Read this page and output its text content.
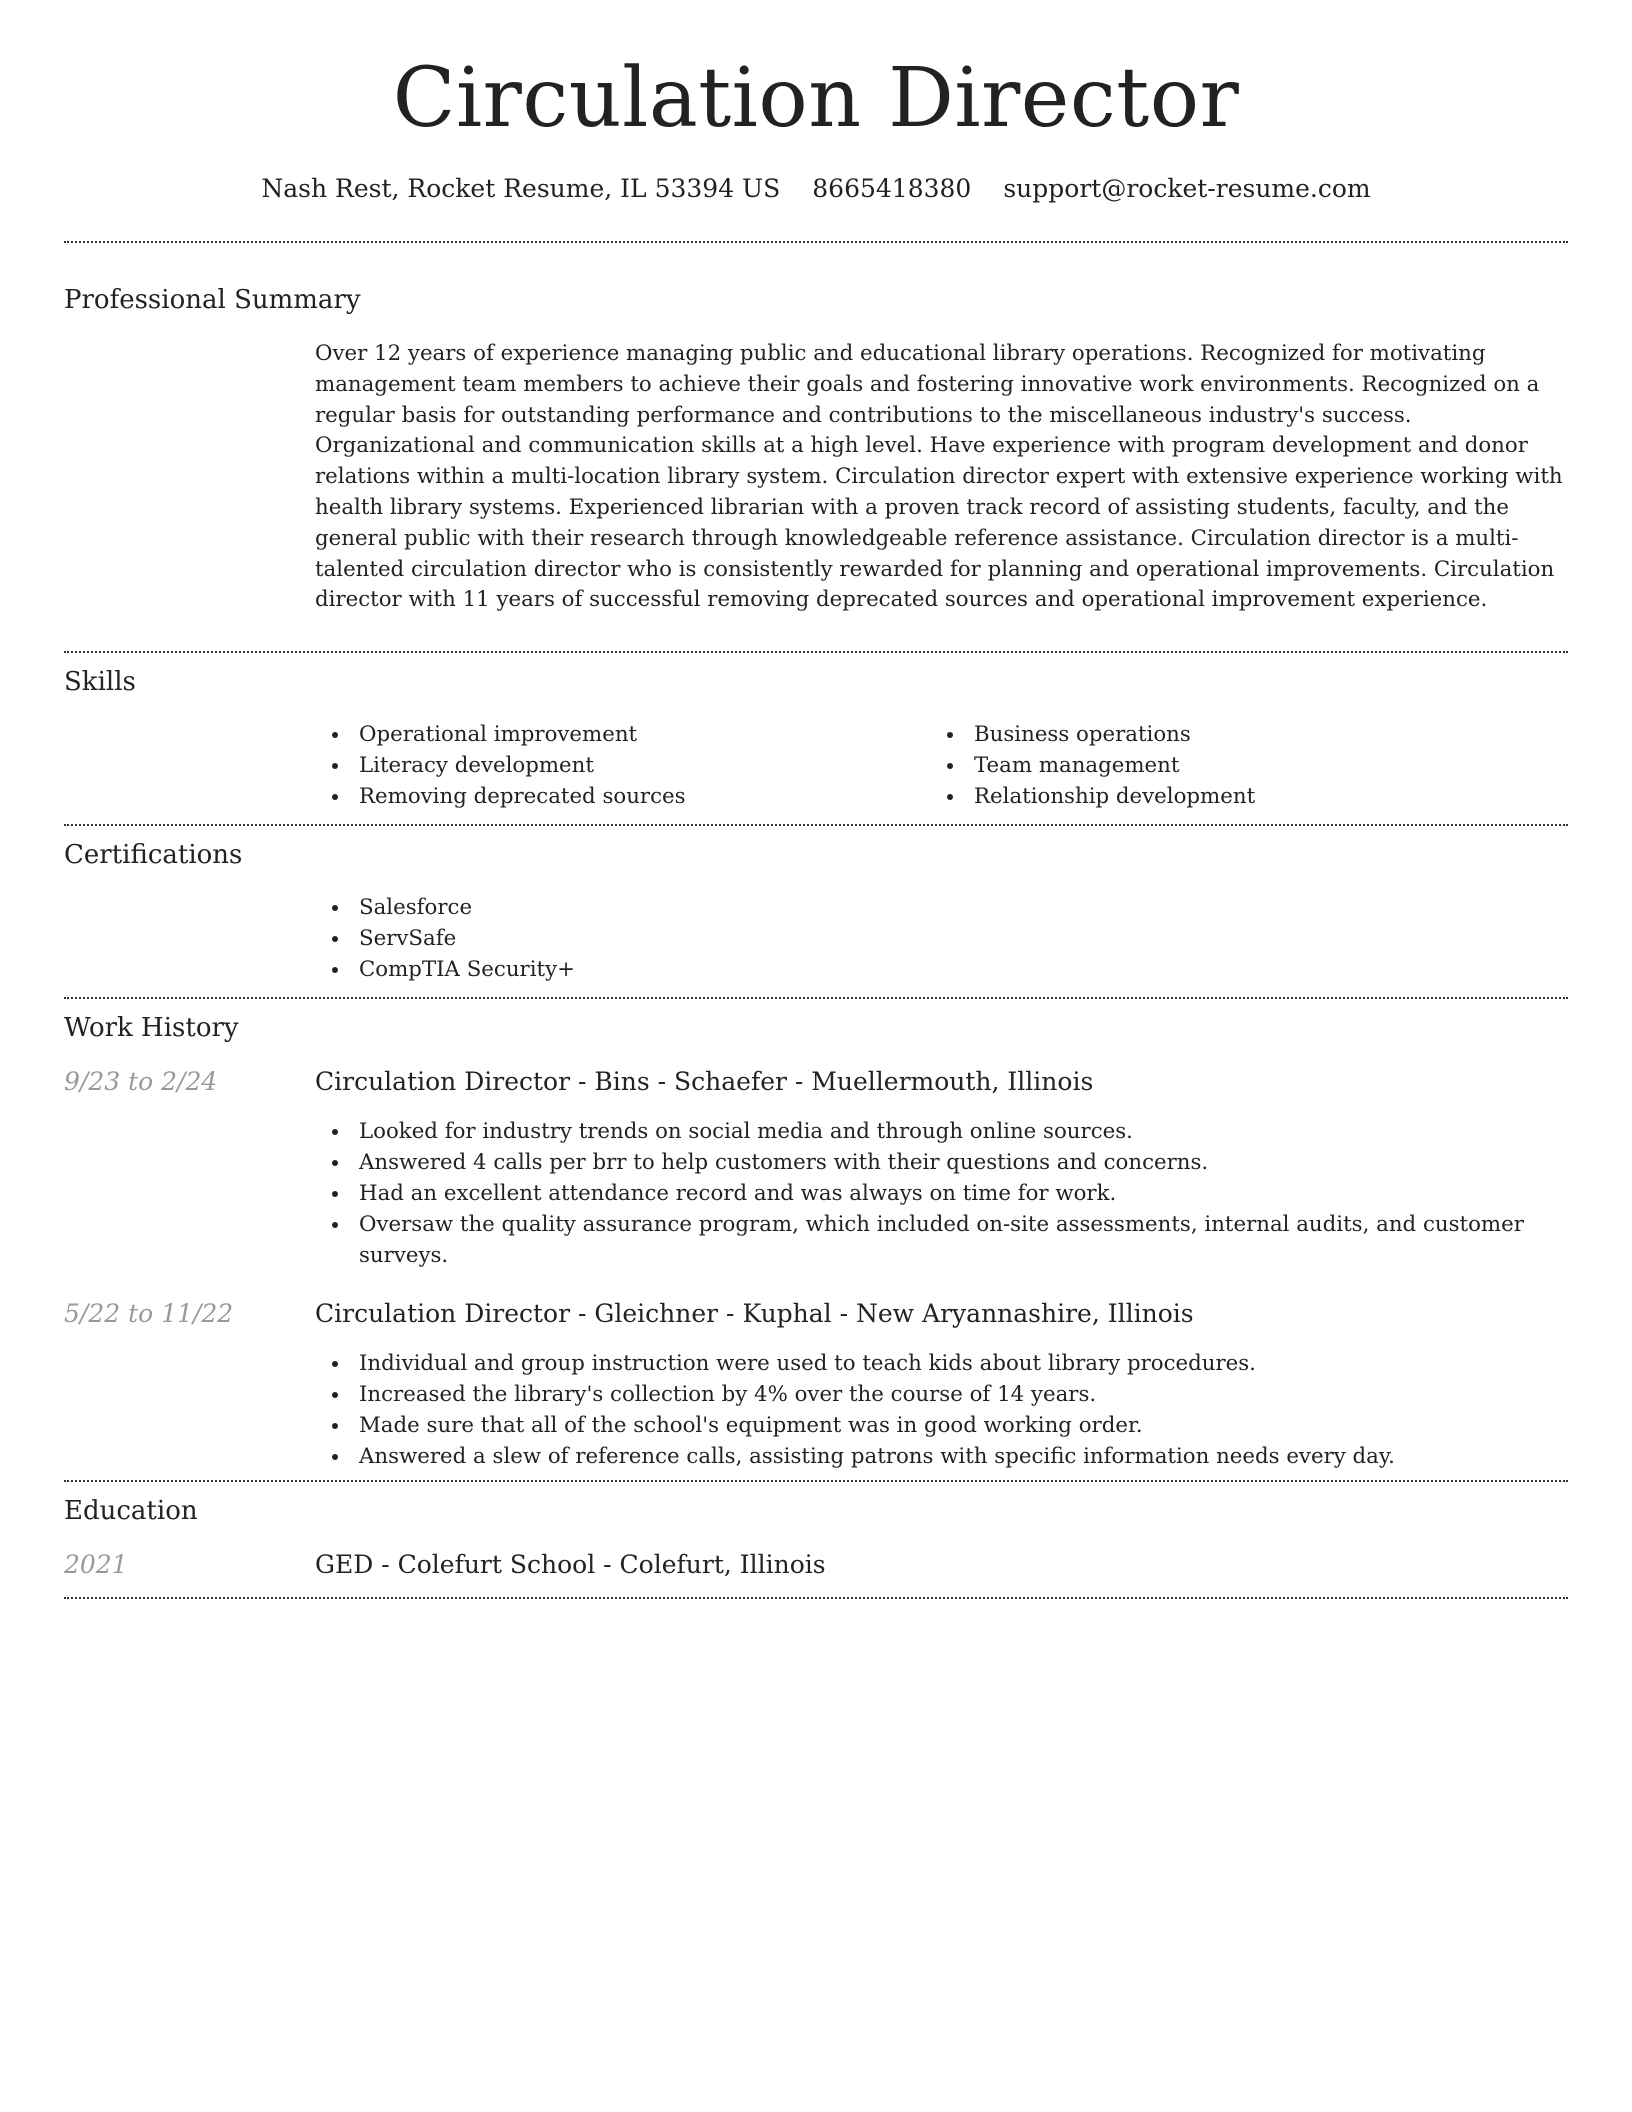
Circulation Director
Nash Rest, Rocket Resume, IL 53394 US 8665418380 support@rocket-resume.com
Professional Summary

Over 12 years of experience managing public and educational library operations. Recognized for motivating management team members to achieve their goals and fostering innovative work environments. Recognized on a regular basis for outstanding performance and contributions to the miscellaneous industry's success. Organizational and communication skills at a high level. Have experience with program development and donor relations within a multi-location library system. Circulation director expert with extensive experience working with health library systems. Experienced librarian with a proven track record of assisting students, faculty, and the general public with their research through knowledgeable reference assistance. Circulation director is a multi-talented circulation director who is consistently rewarded for planning and operational improvements. Circulation director with 11 years of successful removing deprecated sources and operational improvement experience.

Skills
Operational improvement
Literacy development
Removing deprecated sources
Business operations
Team management
Relationship development
Certifications
Salesforce
ServSafe
CompTIA Security+
Work History
9/23 to 2/24	Circulation Director - Bins - Schaefer - Muellermouth, Illinois
Looked for industry trends on social media and through online sources.
Answered 4 calls per brr to help customers with their questions and concerns.
Had an excellent attendance record and was always on time for work.
Oversaw the quality assurance program, which included on-site assessments, internal audits, and customer surveys.
5/22 to 11/22	Circulation Director - Gleichner - Kuphal - New Aryannashire, Illinois
Individual and group instruction were used to teach kids about library procedures.
Increased the library's collection by 4% over the course of 14 years.
Made sure that all of the school's equipment was in good working order.
Answered a slew of reference calls, assisting patrons with specific information needs every day.
Education
2021	GED - Colefurt School - Colefurt, Illinois
